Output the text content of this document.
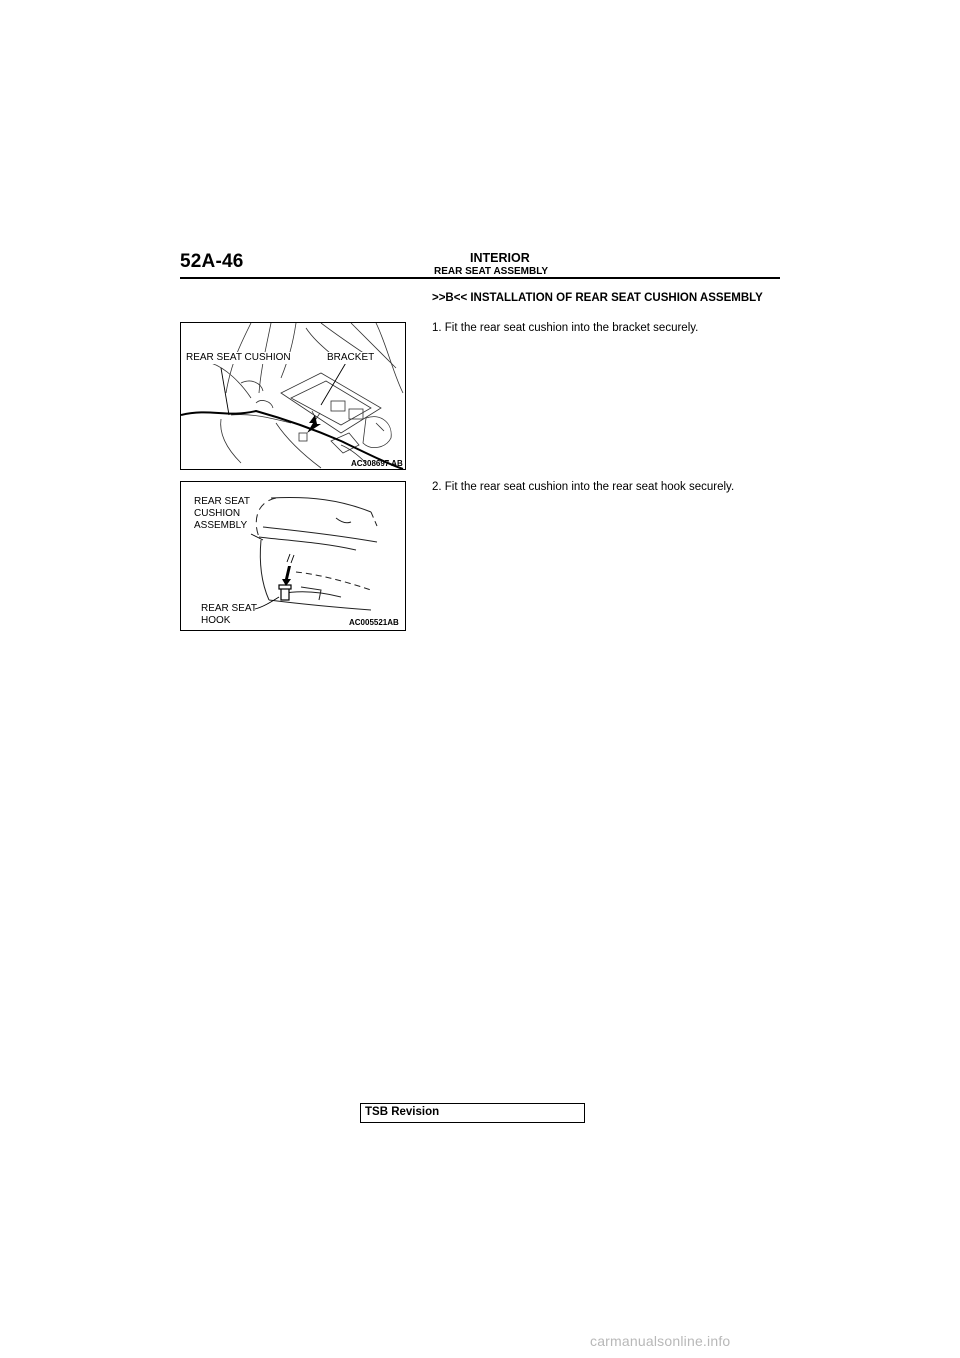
52A-46	INTERIOR
REAR SEAT ASSEMBLY
>>B<< INSTALLATION OF REAR SEAT CUSHION ASSEMBLY
1. Fit the rear seat cushion into the bracket securely.
2. Fit the rear seat cushion into the rear seat hook securely.
REAR SEAT CUSHION	BRACKET
AC308697 AB
REAR SEAT
CUSHION
ASSEMBLY
REAR SEAT
HOOK	AC005521AB
TSB Revision
carmanualsonline.info
